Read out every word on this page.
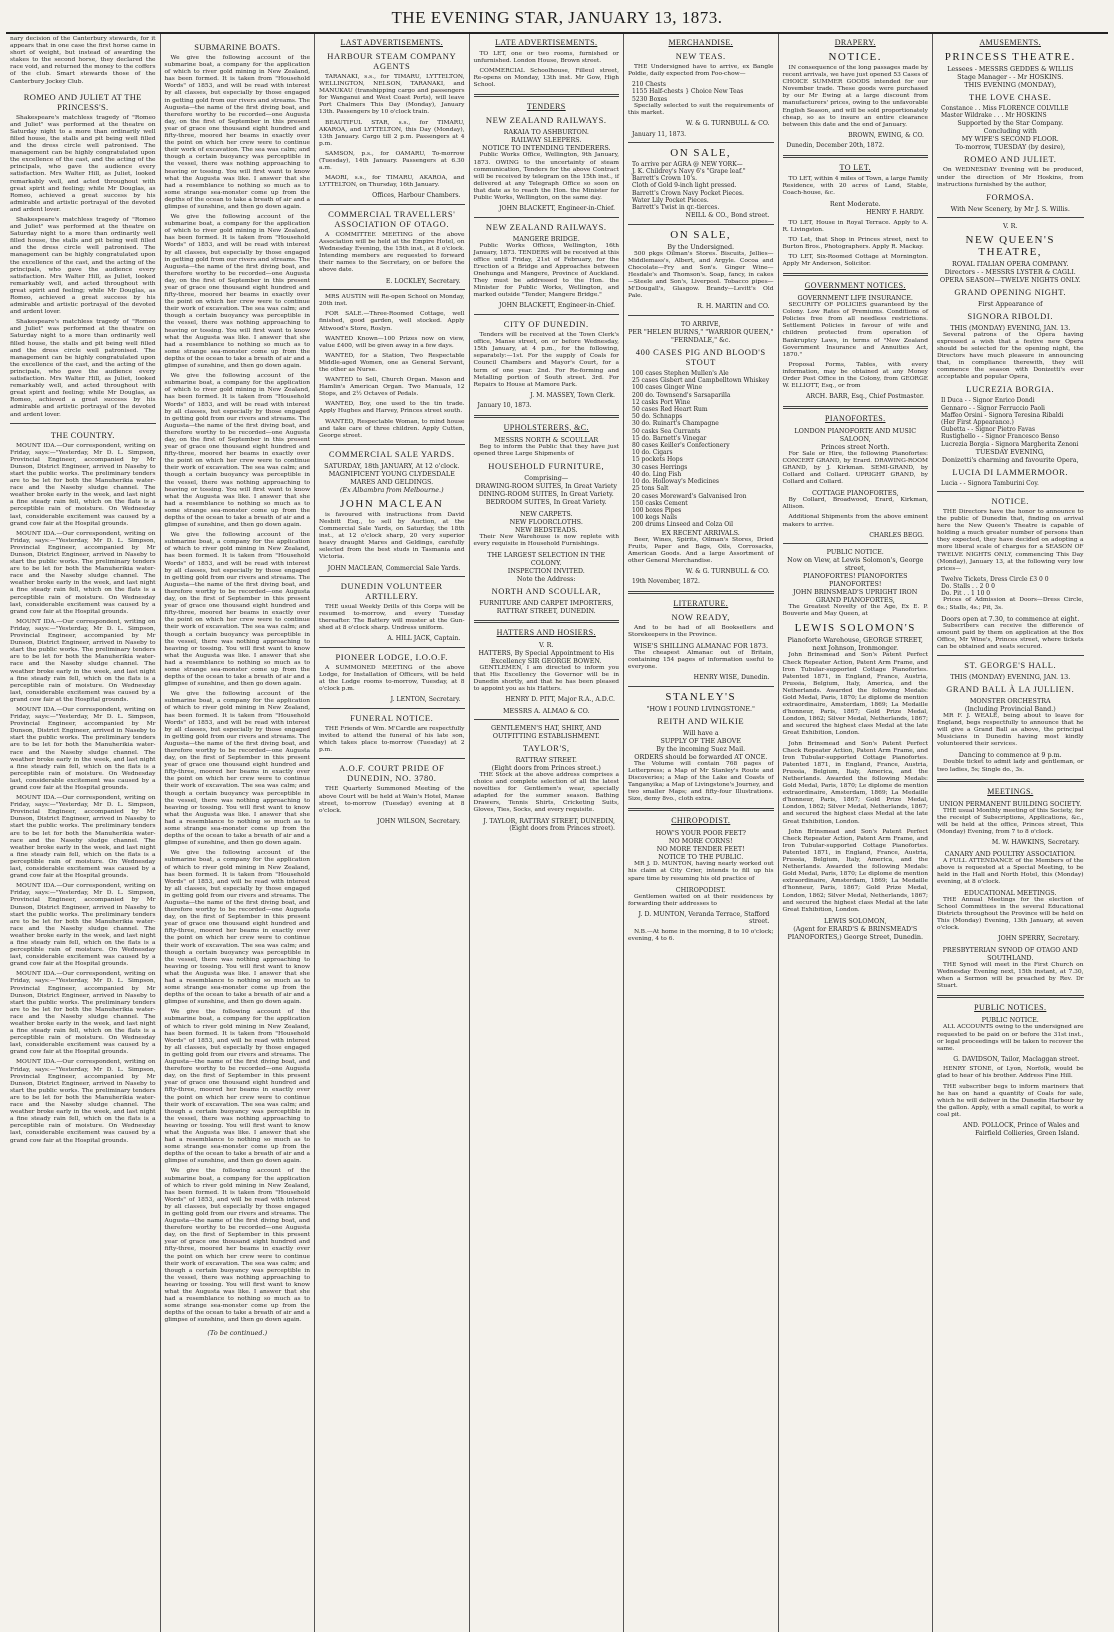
THE EVENING STAR, JANUARY 13, 1873.

nary decision of the Canterbury stewards, for it appears that in one case the first horse came in short of weight, but instead of awarding the stakes to the second horse, they declared the race void, and returned the money to the coffers of the club. Smart stewards those of the Canterbury Jockey Club.

ROMEO AND JULIET AT THE PRINCESS'S.

Shakespeare's matchless tragedy of "Romeo and Juliet" was performed at the theatre on Saturday night to a more than ordinarily well filled house, the stalls and pit being well filled and the dress circle well patronised. The management can be highly congratulated upon the excellence of the cast, and the acting of the principals, who gave the audience every satisfaction. Mrs Walter Hill, as Juliet, looked remarkably well, and acted throughout with great spirit and feeling; while Mr Douglas, as Romeo, achieved a great success by his admirable and artistic portrayal of the devoted and ardent lover.

Shakespeare's matchless tragedy of "Romeo and Juliet" was performed at the theatre on Saturday night to a more than ordinarily well filled house, the stalls and pit being well filled and the dress circle well patronised. The management can be highly congratulated upon the excellence of the cast, and the acting of the principals, who gave the audience every satisfaction. Mrs Walter Hill, as Juliet, looked remarkably well, and acted throughout with great spirit and feeling; while Mr Douglas, as Romeo, achieved a great success by his admirable and artistic portrayal of the devoted and ardent lover.

Shakespeare's matchless tragedy of "Romeo and Juliet" was performed at the theatre on Saturday night to a more than ordinarily well filled house, the stalls and pit being well filled and the dress circle well patronised. The management can be highly congratulated upon the excellence of the cast, and the acting of the principals, who gave the audience every satisfaction. Mrs Walter Hill, as Juliet, looked remarkably well, and acted throughout with great spirit and feeling; while Mr Douglas, as Romeo, achieved a great success by his admirable and artistic portrayal of the devoted and ardent lover.

THE COUNTRY.

MOUNT IDA.—Our correspondent, writing on Friday, says:—"Yesterday, Mr D. L. Simpson, Provincial Engineer, accompanied by Mr Dunson, District Engineer, arrived in Naseby to start the public works. The preliminary tenders are to be let for both the Manuherikia water-race and the Naseby sludge channel. The weather broke early in the week, and last night a fine steady rain fell, which on the flats is a perceptible rain of moisture. On Wednesday last, considerable excitement was caused by a grand cow fair at the Hospital grounds.

MOUNT IDA.—Our correspondent, writing on Friday, says:—"Yesterday, Mr D. L. Simpson, Provincial Engineer, accompanied by Mr Dunson, District Engineer, arrived in Naseby to start the public works. The preliminary tenders are to be let for both the Manuherikia water-race and the Naseby sludge channel. The weather broke early in the week, and last night a fine steady rain fell, which on the flats is a perceptible rain of moisture. On Wednesday last, considerable excitement was caused by a grand cow fair at the Hospital grounds.

MOUNT IDA.—Our correspondent, writing on Friday, says:—"Yesterday, Mr D. L. Simpson, Provincial Engineer, accompanied by Mr Dunson, District Engineer, arrived in Naseby to start the public works. The preliminary tenders are to be let for both the Manuherikia water-race and the Naseby sludge channel. The weather broke early in the week, and last night a fine steady rain fell, which on the flats is a perceptible rain of moisture. On Wednesday last, considerable excitement was caused by a grand cow fair at the Hospital grounds.

MOUNT IDA.—Our correspondent, writing on Friday, says:—"Yesterday, Mr D. L. Simpson, Provincial Engineer, accompanied by Mr Dunson, District Engineer, arrived in Naseby to start the public works. The preliminary tenders are to be let for both the Manuherikia water-race and the Naseby sludge channel. The weather broke early in the week, and last night a fine steady rain fell, which on the flats is a perceptible rain of moisture. On Wednesday last, considerable excitement was caused by a grand cow fair at the Hospital grounds.

MOUNT IDA.—Our correspondent, writing on Friday, says:—"Yesterday, Mr D. L. Simpson, Provincial Engineer, accompanied by Mr Dunson, District Engineer, arrived in Naseby to start the public works. The preliminary tenders are to be let for both the Manuherikia water-race and the Naseby sludge channel. The weather broke early in the week, and last night a fine steady rain fell, which on the flats is a perceptible rain of moisture. On Wednesday last, considerable excitement was caused by a grand cow fair at the Hospital grounds.

MOUNT IDA.—Our correspondent, writing on Friday, says:—"Yesterday, Mr D. L. Simpson, Provincial Engineer, accompanied by Mr Dunson, District Engineer, arrived in Naseby to start the public works. The preliminary tenders are to be let for both the Manuherikia water-race and the Naseby sludge channel. The weather broke early in the week, and last night a fine steady rain fell, which on the flats is a perceptible rain of moisture. On Wednesday last, considerable excitement was caused by a grand cow fair at the Hospital grounds.

MOUNT IDA.—Our correspondent, writing on Friday, says:—"Yesterday, Mr D. L. Simpson, Provincial Engineer, accompanied by Mr Dunson, District Engineer, arrived in Naseby to start the public works. The preliminary tenders are to be let for both the Manuherikia water-race and the Naseby sludge channel. The weather broke early in the week, and last night a fine steady rain fell, which on the flats is a perceptible rain of moisture. On Wednesday last, considerable excitement was caused by a grand cow fair at the Hospital grounds.

MOUNT IDA.—Our correspondent, writing on Friday, says:—"Yesterday, Mr D. L. Simpson, Provincial Engineer, accompanied by Mr Dunson, District Engineer, arrived in Naseby to start the public works. The preliminary tenders are to be let for both the Manuherikia water-race and the Naseby sludge channel. The weather broke early in the week, and last night a fine steady rain fell, which on the flats is a perceptible rain of moisture. On Wednesday last, considerable excitement was caused by a grand cow fair at the Hospital grounds.

SUBMARINE BOATS.

We give the following account of the submarine boat, a company for the application of which to river gold mining in New Zealand, has been formed. It is taken from "Household Words" of 1853, and will be read with interest by all classes, but especially by those engaged in getting gold from our rivers and streams. The Augusta—the name of the first diving boat, and therefore worthy to be recorded—one Augusta day, on the first of September in this present year of grace one thousand eight hundred and fifty-three, moored her beams in exactly over the point on which her crew were to continue their work of excavation. The sea was calm; and though a certain buoyancy was perceptible in the vessel, there was nothing approaching to heaving or tossing. You will first want to know what the Augusta was like. I answer that she had a resemblance to nothing so much as to some strange sea-monster come up from the depths of the ocean to take a breath of air and a glimpse of sunshine, and then go down again.

We give the following account of the submarine boat, a company for the application of which to river gold mining in New Zealand, has been formed. It is taken from "Household Words" of 1853, and will be read with interest by all classes, but especially by those engaged in getting gold from our rivers and streams. The Augusta—the name of the first diving boat, and therefore worthy to be recorded—one Augusta day, on the first of September in this present year of grace one thousand eight hundred and fifty-three, moored her beams in exactly over the point on which her crew were to continue their work of excavation. The sea was calm; and though a certain buoyancy was perceptible in the vessel, there was nothing approaching to heaving or tossing. You will first want to know what the Augusta was like. I answer that she had a resemblance to nothing so much as to some strange sea-monster come up from the depths of the ocean to take a breath of air and a glimpse of sunshine, and then go down again.

We give the following account of the submarine boat, a company for the application of which to river gold mining in New Zealand, has been formed. It is taken from "Household Words" of 1853, and will be read with interest by all classes, but especially by those engaged in getting gold from our rivers and streams. The Augusta—the name of the first diving boat, and therefore worthy to be recorded—one Augusta day, on the first of September in this present year of grace one thousand eight hundred and fifty-three, moored her beams in exactly over the point on which her crew were to continue their work of excavation. The sea was calm; and though a certain buoyancy was perceptible in the vessel, there was nothing approaching to heaving or tossing. You will first want to know what the Augusta was like. I answer that she had a resemblance to nothing so much as to some strange sea-monster come up from the depths of the ocean to take a breath of air and a glimpse of sunshine, and then go down again.

We give the following account of the submarine boat, a company for the application of which to river gold mining in New Zealand, has been formed. It is taken from "Household Words" of 1853, and will be read with interest by all classes, but especially by those engaged in getting gold from our rivers and streams. The Augusta—the name of the first diving boat, and therefore worthy to be recorded—one Augusta day, on the first of September in this present year of grace one thousand eight hundred and fifty-three, moored her beams in exactly over the point on which her crew were to continue their work of excavation. The sea was calm; and though a certain buoyancy was perceptible in the vessel, there was nothing approaching to heaving or tossing. You will first want to know what the Augusta was like. I answer that she had a resemblance to nothing so much as to some strange sea-monster come up from the depths of the ocean to take a breath of air and a glimpse of sunshine, and then go down again.

We give the following account of the submarine boat, a company for the application of which to river gold mining in New Zealand, has been formed. It is taken from "Household Words" of 1853, and will be read with interest by all classes, but especially by those engaged in getting gold from our rivers and streams. The Augusta—the name of the first diving boat, and therefore worthy to be recorded—one Augusta day, on the first of September in this present year of grace one thousand eight hundred and fifty-three, moored her beams in exactly over the point on which her crew were to continue their work of excavation. The sea was calm; and though a certain buoyancy was perceptible in the vessel, there was nothing approaching to heaving or tossing. You will first want to know what the Augusta was like. I answer that she had a resemblance to nothing so much as to some strange sea-monster come up from the depths of the ocean to take a breath of air and a glimpse of sunshine, and then go down again.

We give the following account of the submarine boat, a company for the application of which to river gold mining in New Zealand, has been formed. It is taken from "Household Words" of 1853, and will be read with interest by all classes, but especially by those engaged in getting gold from our rivers and streams. The Augusta—the name of the first diving boat, and therefore worthy to be recorded—one Augusta day, on the first of September in this present year of grace one thousand eight hundred and fifty-three, moored her beams in exactly over the point on which her crew were to continue their work of excavation. The sea was calm; and though a certain buoyancy was perceptible in the vessel, there was nothing approaching to heaving or tossing. You will first want to know what the Augusta was like. I answer that she had a resemblance to nothing so much as to some strange sea-monster come up from the depths of the ocean to take a breath of air and a glimpse of sunshine, and then go down again.

We give the following account of the submarine boat, a company for the application of which to river gold mining in New Zealand, has been formed. It is taken from "Household Words" of 1853, and will be read with interest by all classes, but especially by those engaged in getting gold from our rivers and streams. The Augusta—the name of the first diving boat, and therefore worthy to be recorded—one Augusta day, on the first of September in this present year of grace one thousand eight hundred and fifty-three, moored her beams in exactly over the point on which her crew were to continue their work of excavation. The sea was calm; and though a certain buoyancy was perceptible in the vessel, there was nothing approaching to heaving or tossing. You will first want to know what the Augusta was like. I answer that she had a resemblance to nothing so much as to some strange sea-monster come up from the depths of the ocean to take a breath of air and a glimpse of sunshine, and then go down again.

We give the following account of the submarine boat, a company for the application of which to river gold mining in New Zealand, has been formed. It is taken from "Household Words" of 1853, and will be read with interest by all classes, but especially by those engaged in getting gold from our rivers and streams. The Augusta—the name of the first diving boat, and therefore worthy to be recorded—one Augusta day, on the first of September in this present year of grace one thousand eight hundred and fifty-three, moored her beams in exactly over the point on which her crew were to continue their work of excavation. The sea was calm; and though a certain buoyancy was perceptible in the vessel, there was nothing approaching to heaving or tossing. You will first want to know what the Augusta was like. I answer that she had a resemblance to nothing so much as to some strange sea-monster come up from the depths of the ocean to take a breath of air and a glimpse of sunshine, and then go down again.

(To be continued.)
LAST ADVERTISEMENTS.
HARBOUR STEAM COMPANY AGENTS

TARANAKI, s.s., for TIMARU, LYTTELTON, WELLINGTON, NELSON, TARANAKI, and MANUKAU (transhipping cargo and passengers for Wanganui and West Coast Ports), will leave Port Chalmers This Day (Monday), January 13th. Passengers by 10 o'clock train.

BEAUTIFUL STAR, s.s., for TIMARU, AKAROA, and LYTTELTON, this Day (Monday), 13th January. Cargo till 2 p.m. Passengers at 4 p.m.

SAMSON, p.s., for OAMARU, To-morrow (Tuesday), 14th January. Passengers at 6.30 a.m.

MAORI, s.s., for TIMARU, AKAROA, and LYTTELTON, on Thursday, 16th January.

Offices, Harbour Chambers.
COMMERCIAL TRAVELLERS' ASSOCIATION OF OTAGO.

A COMMITTEE MEETING of the above Association will be held at the Empire Hotel, on Wednesday Evening, the 15th inst., at 8 o'clock. Intending members are requested to forward their names to the Secretary, on or before the above date.

E. LOCKLEY, Secretary.

MRS AUSTIN will Re-open School on Monday, 20th inst.

FOR SALE.—Three-Roomed Cottage, well finished, good garden, well stocked. Apply Attwood's Store, Roslyn.

WANTED Known—100 Prizes now on view, value £400, will be given away in a few days.

WANTED, for a Station, Two Respectable Middle-aged Women, one as General Servant, the other as Nurse.

WANTED to Sell, Church Organ. Mason and Hamlin's American Organ. Two Manuals, 12 Stops, and 2½ Octaves of Pedals.

WANTED, Boy, one used to the tin trade. Apply Hughes and Harvey, Princes street south.

WANTED, Respectable Woman, to mind house and take care of three children. Apply Cutten, George street.

COMMERCIAL SALE YARDS.
SATURDAY, 18th JANUARY, At 12 o'clock.
MAGNIFICENT YOUNG CLYDESDALE MARES AND GELDINGS.
(Ex Albambra from Melbourne.)
JOHN MACLEAN

is favoured with instructions from David Nesbitt Esq., to sell by Auction, at the Commercial Sale Yards, on Saturday, the 18th inst., at 12 o'clock sharp, 20 very superior heavy draught Mares and Geldings, carefully selected from the best studs in Tasmania and Victoria.

JOHN MACLEAN, Commercial Sale Yards.
DUNEDIN VOLUNTEER ARTILLERY.

THE usual Weekly Drills of this Corps will be resumed to-morrow, and every Tuesday thereafter. The Battery will muster at the Gun-shed at 8 o'clock sharp. Undress uniform.

A. HILL JACK, Captain.
PIONEER LODGE, I.O.O.F.

A SUMMONED MEETING of the above Lodge, for Installation of Officers, will be held at the Lodge rooms to-morrow, Tuesday, at 8 o'clock p.m.

J. LENTON, Secretary.
FUNERAL NOTICE.

THE Friends of Wm. M'Cardle are respectfully invited to attend the funeral of his late son, which takes place to-morrow (Tuesday) at 2 p.m.

A.O.F. COURT PRIDE OF DUNEDIN, NO. 3780.

THE Quarterly Summoned Meeting of the above Court will be held at Wain's Hotel, Manse street, to-morrow (Tuesday) evening at 8 o'clock.

JOHN WILSON, Secretary.
LATE ADVERTISEMENTS.

TO LET, one or two rooms, furnished or unfurnished. London House, Brown street.

COMMERCIAL Schoolhouse, Filleul street, Re-opens on Monday, 13th inst. Mr Gow, High School.

TENDERS
NEW ZEALAND RAILWAYS.
RAKAIA TO ASHBURTON.
RAILWAY SLEEPERS.
NOTICE TO INTENDING TENDERERS.

Public Works Office, Wellington, 9th January, 1873. OWING to the uncertainty of steam communication, Tenders for the above Contract will be received by telegram on the 15th inst., if delivered at any Telegraph Office so soon on that date as to reach the Hon. the Minister for Public Works, Wellington, on the same day.

JOHN BLACKETT, Engineer-in-Chief.
NEW ZEALAND RAILWAYS.
MANGERE BRIDGE.

Public Works Offices, Wellington, 16th January, 1873. TENDERS will be received at this office until Friday, 21st of February, for the Erection of a Bridge and Approaches between Onehunga and Mangere, Province of Auckland. They must be addressed to the Hon. the Minister for Public Works, Wellington, and marked outside "Tender, Mangere Bridge."

JOHN BLACKETT, Engineer-in-Chief.
CITY OF DUNEDIN.

Tenders will be received at the Town Clerk's office, Manse street, on or before Wednesday, 15th January, at 4 p.m., for the following, separately:—1st. For the supply of Coals for Council Chambers and Mayor's Court, for a term of one year. 2nd. For Re-forming and Metalling portion of South street. 3rd. For Repairs to House at Mamore Park.

J. M. MASSEY, Town Clerk.
January 10, 1873.
UPHOLSTERERS, &C.
MESSRS NORTH & SCOULLAR

Beg to inform the Public that they have just opened three Large Shipments of

HOUSEHOLD FURNITURE,
Comprising—
DRAWING-ROOM SUITES, In Great Variety
DINING-ROOM SUITES, In Great Variety.
BEDROOM SUITES, In Great Variety.
NEW CARPETS.
NEW FLOORCLOTHS.
NEW BEDSTEADS.

Their New Warehouse is now replete with every requisite in Household Furnishings.

THE LARGEST SELECTION IN THE COLONY.
INSPECTION INVITED.
Note the Address:
NORTH AND SCOULLAR,
FURNITURE AND CARPET IMPORTERS,
RATTRAY STREET, DUNEDIN.
HATTERS AND HOSIERS.
V. R.
HATTERS, By Special Appointment to His Excellency SIR GEORGE BOWEN.

GENTLEMEN, I am directed to inform you that His Excellency the Governor will be in Dunedin shortly, and that he has been pleased to appoint you as his Hatters.

HENRY D. PITT, Major R.A., A.D.C.
MESSRS A. ALMAO & CO.
GENTLEMEN'S HAT, SHIRT, AND OUTFITTING ESTABLISHMENT.
TAYLOR'S,
RATTRAY STREET.
(Eight doors from Princes street.)

THE Stock at the above address comprises a choice and complete selection of all the latest novelties for Gentlemen's wear, specially adapted for the summer season. Bathing Drawers, Tennis Shirts, Cricketing Suits, Gloves, Ties, Socks, and every requisite.

J. TAYLOR, RATTRAY STREET, DUNEDIN, (Eight doors from Princes street).
MERCHANDISE.
NEW TEAS.

THE Undersigned have to arrive, ex Bangle Poldie, daily expected from Foo-chow—

210 Chests
1155 Half-chests } Choice New Teas
5230 Boxes

Specially selected to suit the requirements of this market.

W. & G. TURNBULL & CO.
January 11, 1873.
ON SALE,
To arrive per AGRA @ NEW YORK—
J. K. Childrey's Navy 6's "Grape leaf."
Barrett's Crown 10's.
Cloth of Gold 9-inch light pressed.
Barrett's Crown Navy Pocket Pieces.
Water Lily Pocket Pieces.
Barrett's Twist in qr.-tierces.
NEILL & CO., Bond street.
ON SALE,
By the Undersigned.

500 pkgs Oilman's Stores. Biscuits, Jellies—Middlemass's, Albert, and Argyle. Cocoa and Chocolate—Fry and Son's. Ginger Wine—Hesdale's and Thomson's. Soap, fancy, in cakes—Steele and Son's, Liverpool. Tobacco pipes—M'Dougall's, Glasgow. Brandy—Levitt's Old Pale.

R. H. MARTIN and CO.
TO ARRIVE,
PER "HELEN BURNS," "WARRIOR QUEEN," "FERNDALE," &c.
400 CASES PIG AND BLOOD'S STOUT
100 cases Stephen Mullen's Ale
25 cases Gisbert and Campbelltown Whiskey
100 cases Ginger Wine
200 do. Townsend's Sarsaparilla
12 casks Port Wine
50 cases Red Heart Rum
50 do. Schnapps
30 do. Ruinart's Champagne
50 casks Sea Currants
15 do. Barnett's Vinegar
80 cases Keiller's Confectionery
10 do. Cigars
15 pockets Hops
30 cases Herrings
40 do. Ling Fish
10 do. Holloway's Medicines
25 tons Salt
20 cases Moreward's Galvanised Iron
150 casks Cement
100 boxes Pipes
100 kegs Nails
200 drums Linseed and Colza Oil
EX RECENT ARRIVALS.

Beer, Wines, Spirits, Oilman's Stores, Dried Fruits, Paper and Bags, Oils, Corrosacks, American Goods. And a large Assortment of other General Merchandise.

W. & G. TURNBULL & CO.
19th November, 1872.
LITERATURE.
NOW READY,

And to be had of all Booksellers and Storekeepers in the Province.

WISE'S SHILLING ALMANAC FOR 1873.

The cheapest Almanac out of Britain, containing 154 pages of information useful to everyone.

HENRY WISE, Dunedin.
STANLEY'S
"HOW I FOUND LIVINGSTONE."
REITH AND WILKIE
Will have a
SUPPLY OF THE ABOVE
By the incoming Suez Mail.
ORDERS should be forwarded AT ONCE.

The Volume will contain 768 pages of Letterpress; a Map of Mr Stanley's Route and Discoveries; a Map of the Lake and Coasts of Tanganyika; a Map of Livingstone's Journey, and two smaller Maps; and fifty-four Illustrations. Size, demy 8vo., cloth extra.

CHIROPODIST.
HOW'S YOUR POOR FEET?
NO MORE CORNS!
NO MORE TENDER FEET!
NOTICE TO THE PUBLIC.

MR J. D. MUNTON, having nearly worked out his claim at City Crier, intends to fill up his spare time by resuming his old practice of

CHIROPODIST.

Gentlemen waited on at their residences by forwarding their addresses to

J. D. MUNTON, Veranda Terrace, Stafford street.

N.B.—At home in the morning, 8 to 10 o'clock; evening, 4 to 6.

DRAPERY.
NOTICE.

IN consequence of the long passages made by recent arrivals, we have just opened 53 Cases of CHOICE SUMMER GOODS intended for our November trade. These goods were purchased by our Mr Ewing at a large discount from manufacturers' prices, owing to the unfavorable English Season, and will be sold proportionately cheap, so as to insure an entire clearance between this date and the end of January.

BROWN, EWING, & CO.
Dunedin, December 20th, 1872.
TO LET.

TO LET, within 4 miles of Town, a large Family Residence, with 20 acres of Land, Stable, Coach-house, &c.

Rent Moderate.
HENRY F. HARDY.

TO LET, House in Royal Terrace. Apply to A. R. Livingston.

TO Let, that Shop in Princes street, next to Burton Bros., Photographers. Apply R. Mackay.

TO LET, Six-Roomed Cottage at Mornington. Apply Mr Anderson, Solicitor.

GOVERNMENT NOTICES.
GOVERNMENT LIFE INSURANCE.

SECURITY OF POLICIES guaranteed by the Colony. Low Rates of Premiums. Conditions of Policies free from all needless restrictions. Settlement Policies in favour of wife and children protected from operation of Bankruptcy Laws, in terms of "New Zealand Government Insurance and Annuities Act, 1870."

Proposal Forms, Tables, with every information, may be obtained at any Money Order Post Office in the Colony, from GEORGE W. ELLIOTT, Esq., or from

ARCH. BARR, Esq., Chief Postmaster.
PIANOFORTES.
LONDON PIANOFORTE AND MUSIC SALOON,
Princes street North.

For Sale or Hire, the following Pianofortes: CONCERT GRAND, by Erard. DRAWING-ROOM GRAND, by J. Kirkman. SEMI-GRAND, by Collard and Collard. UPRIGHT GRAND, by Collard and Collard.

COTTAGE PIANOFORTES,

By Collard, Broadwood, Erard, Kirkman, Allison.

Additional Shipments from the above eminent makers to arrive.

CHARLES BEGG.
PUBLIC NOTICE.
Now on View, at Lewis Solomon's, George street,
PIANOFORTES! PIANOFORTES PIANOFORTES!
JOHN BRINSMEAD'S UPRIGHT IRON GRAND PIANOFORTES,

The Greatest Novelty of the Age, Ex E. P. Bouverie and May Queen, at

LEWIS SOLOMON'S
Pianoforte Warehouse, GEORGE STREET, next Johnson, Ironmonger.

John Brinsmead and Son's Patent Perfect Check Repeater Action, Patent Arm Frame, and Iron Tubular-supported Cottage Pianofortes. Patented 1871, in England, France, Austria, Prussia, Belgium, Italy, America, and the Netherlands. Awarded the following Medals: Gold Medal, Paris, 1870; Le diplome de mention extraordinaire, Amsterdam, 1869; La Medaille d'honneur, Paris, 1867; Gold Prize Medal, London, 1862; Silver Medal, Netherlands, 1867; and secured the highest class Medal at the late Great Exhibition, London.

John Brinsmead and Son's Patent Perfect Check Repeater Action, Patent Arm Frame, and Iron Tubular-supported Cottage Pianofortes. Patented 1871, in England, France, Austria, Prussia, Belgium, Italy, America, and the Netherlands. Awarded the following Medals: Gold Medal, Paris, 1870; Le diplome de mention extraordinaire, Amsterdam, 1869; La Medaille d'honneur, Paris, 1867; Gold Prize Medal, London, 1862; Silver Medal, Netherlands, 1867; and secured the highest class Medal at the late Great Exhibition, London.

John Brinsmead and Son's Patent Perfect Check Repeater Action, Patent Arm Frame, and Iron Tubular-supported Cottage Pianofortes. Patented 1871, in England, France, Austria, Prussia, Belgium, Italy, America, and the Netherlands. Awarded the following Medals: Gold Medal, Paris, 1870; Le diplome de mention extraordinaire, Amsterdam, 1869; La Medaille d'honneur, Paris, 1867; Gold Prize Medal, London, 1862; Silver Medal, Netherlands, 1867; and secured the highest class Medal at the late Great Exhibition, London.

LEWIS SOLOMON,
(Agent for ERARD'S & BRINSMEAD'S PIANOFORTES,) George Street, Dunedin.
AMUSEMENTS.
PRINCESS THEATRE.
Lessees - MESSRS GEDDES & WILLIS
Stage Manager - - Mr HOSKINS.
THIS EVENING (MONDAY),
THE LOVE CHASE.
Constance . . Miss FLORENCE COLVILLE
Master Wildrake . . . Mr HOSKINS
Supported by the Star Company.
Concluding with
MY WIFE'S SECOND FLOOR.
To-morrow, TUESDAY (by desire),
ROMEO AND JULIET.

On WEDNESDAY Evening will be produced, under the direction of Mr Hoskins, from instructions furnished by the author,

FORMOSA.
With New Scenery, by Mr J. S. Willis.
V. R.
NEW QUEEN'S THEATRE,
ROYAL ITALIAN OPERA COMPANY.
Directors - - MESSRS LYSTER & CAGLI.
OPERA SEASON—TWELVE NIGHTS ONLY.
GRAND OPENING NIGHT.
First Appearance of
SIGNORA RIBOLDI.
THIS (MONDAY) EVENING, JAN. 13.

Several patrons of the Opera having expressed a wish that a festive new Opera should be selected for the opening night, the Directors have much pleasure in announcing that, in compliance therewith, they will commence the season with Donizetti's ever acceptable and popular Opera,

LUCREZIA BORGIA.
Il Duca - - Signor Enrico Dondi
Gennaro - - Signor Ferruccio Paoli
Maffeo Orsini - Signora Teresina Ribaldi
(Her First Appearance.)
Gubetta - - Signor Pietro Favas
Rustighello - - Signor Francesco Benso
Lucrezia Borgia - Signora Margherita Zenoni
TUESDAY EVENING,
Donizetti's charming and favourite Opera,
LUCIA DI LAMMERMOOR.
Lucia - - Signora Tamburini Coy.
NOTICE.

THE Directors have the honor to announce to the public of Dunedin that, finding on arrival here the New Queen's Theatre is capable of holding a much greater number of persons than they expected, they have decided on adopting a more liberal scale of charges for a SEASON OF TWELVE NIGHTS ONLY, commencing This Day (Monday), January 13, at the following very low prices—

Twelve Tickets, Dress Circle £3 0 0
Do. Stalls . . 2 0 0
Do. Pit . . 1 10 0

Prices of Admission at Doors—Dress Circle, 6s.; Stalls, 4s.; Pit, 3s.

Doors open at 7.30, to commence at eight.

Subscribers can receive the difference of amount paid by them on application at the Box Office, Mr Wine's, Princes street, where tickets can be obtained and seats secured.

ST. GEORGE'S HALL.
THIS (MONDAY) EVENING, JAN. 13.
GRAND BALL À LA JULLIEN.
MONSTER ORCHESTRA
(Including Provincial Band.)

MR F. J. WEALE, being about to leave for England, begs respectfully to announce that he will give a Grand Ball as above, the principal Musicians in Dunedin having most kindly volunteered their services.

Dancing to commence at 9 p.m.

Double ticket to admit lady and gentleman, or two ladies, 5s; Single do., 3s.

MEETINGS.
UNION PERMANENT BUILDING SOCIETY.

THE usual Monthly meeting of this Society, for the receipt of Subscriptions, Applications, &c., will be held at the office, Princes street, This (Monday) Evening, from 7 to 8 o'clock.

M. W. HAWKINS, Secretary.
CANARY AND POULTRY ASSOCIATION.

A FULL ATTENDANCE of the Members of the above is requested at a Special Meeting, to be held in the Hall and North Hotel, this (Monday) evening, at 8 o'clock.

EDUCATIONAL MEETINGS.

THE Annual Meetings for the election of School Committees in the several Educational Districts throughout the Province will be held on This (Monday) Evening, 13th January, at seven o'clock.

JOHN SPERRY, Secretary.
PRESBYTERIAN SYNOD OF OTAGO AND SOUTHLAND.

THE Synod will meet in the First Church on Wednesday Evening next, 15th instant, at 7.30, when a Sermon will be preached by Rev. Dr Stuart.

PUBLIC NOTICES.
PUBLIC NOTICE.

ALL ACCOUNTS owing to the undersigned are requested to be paid on or before the 31st inst., or legal proceedings will be taken to recover the same.

G. DAVIDSON, Tailor, Maclaggan street.

HENRY STONE, of Lyon, Norfolk, would be glad to hear of his brother. Address Fine Hill.

THE subscriber begs to inform mariners that he has on hand a quantity of Coals for sale, which he will deliver in the Dunedin Harbour by the gallon. Apply, with a small capital, to work a coal pit.

AND. POLLOCK, Prince of Wales and Fairfield Collieries, Green Island.
